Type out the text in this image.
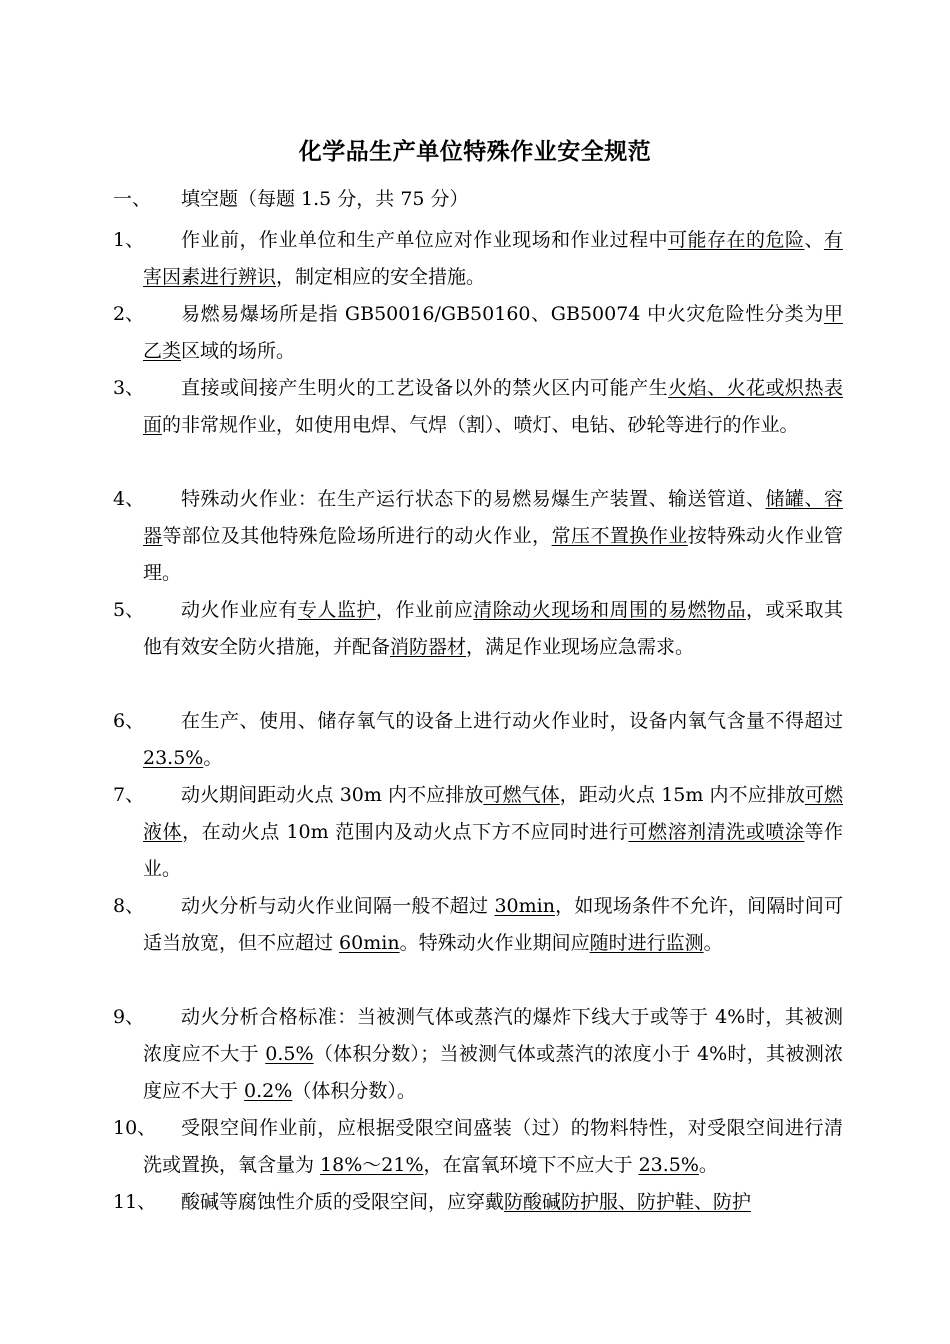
化学品生产单位特殊作业安全规范
一、 填空题（每题 1.5 分，共 75 分）
1、	作业前，作业单位和生产单位应对作业现场和作业过程中可能存在的危险、有害因素进行辨识，制定相应的安全措施。
2、	易燃易爆场所是指 GB50016/GB50160、GB50074 中火灾危险性分类为甲乙类区域的场所。
3、	直接或间接产生明火的工艺设备以外的禁火区内可能产生火焰、火花或炽热表面的非常规作业，如使用电焊、气焊（割）、喷灯、电钻、砂轮等进行的作业。
4、	特殊动火作业：在生产运行状态下的易燃易爆生产装置、输送管道、储罐、容器等部位及其他特殊危险场所进行的动火作业，常压不置换作业按特殊动火作业管理。
5、	动火作业应有专人监护，作业前应清除动火现场和周围的易燃物品，或采取其他有效安全防火措施，并配备消防器材，满足作业现场应急需求。
6、	在生产、使用、储存氧气的设备上进行动火作业时，设备内氧气含量不得超过 23.5%。
7、	动火期间距动火点 30m 内不应排放可燃气体，距动火点 15m 内不应排放可燃液体，在动火点 10m 范围内及动火点下方不应同时进行可燃溶剂清洗或喷涂等作业。
8、	动火分析与动火作业间隔一般不超过 30min，如现场条件不允许，间隔时间可适当放宽，但不应超过 60min。特殊动火作业期间应随时进行监测。
9、	动火分析合格标准：当被测气体或蒸汽的爆炸下线大于或等于 4%时，其被测浓度应不大于 0.5%（体积分数）；当被测气体或蒸汽的浓度小于 4%时，其被测浓度应不大于 0.2%（体积分数）。
10、	受限空间作业前，应根据受限空间盛装（过）的物料特性，对受限空间进行清洗或置换，氧含量为 18%～21%，在富氧环境下不应大于 23.5%。
11、	酸碱等腐蚀性介质的受限空间，应穿戴防酸碱防护服、防护鞋、防护
